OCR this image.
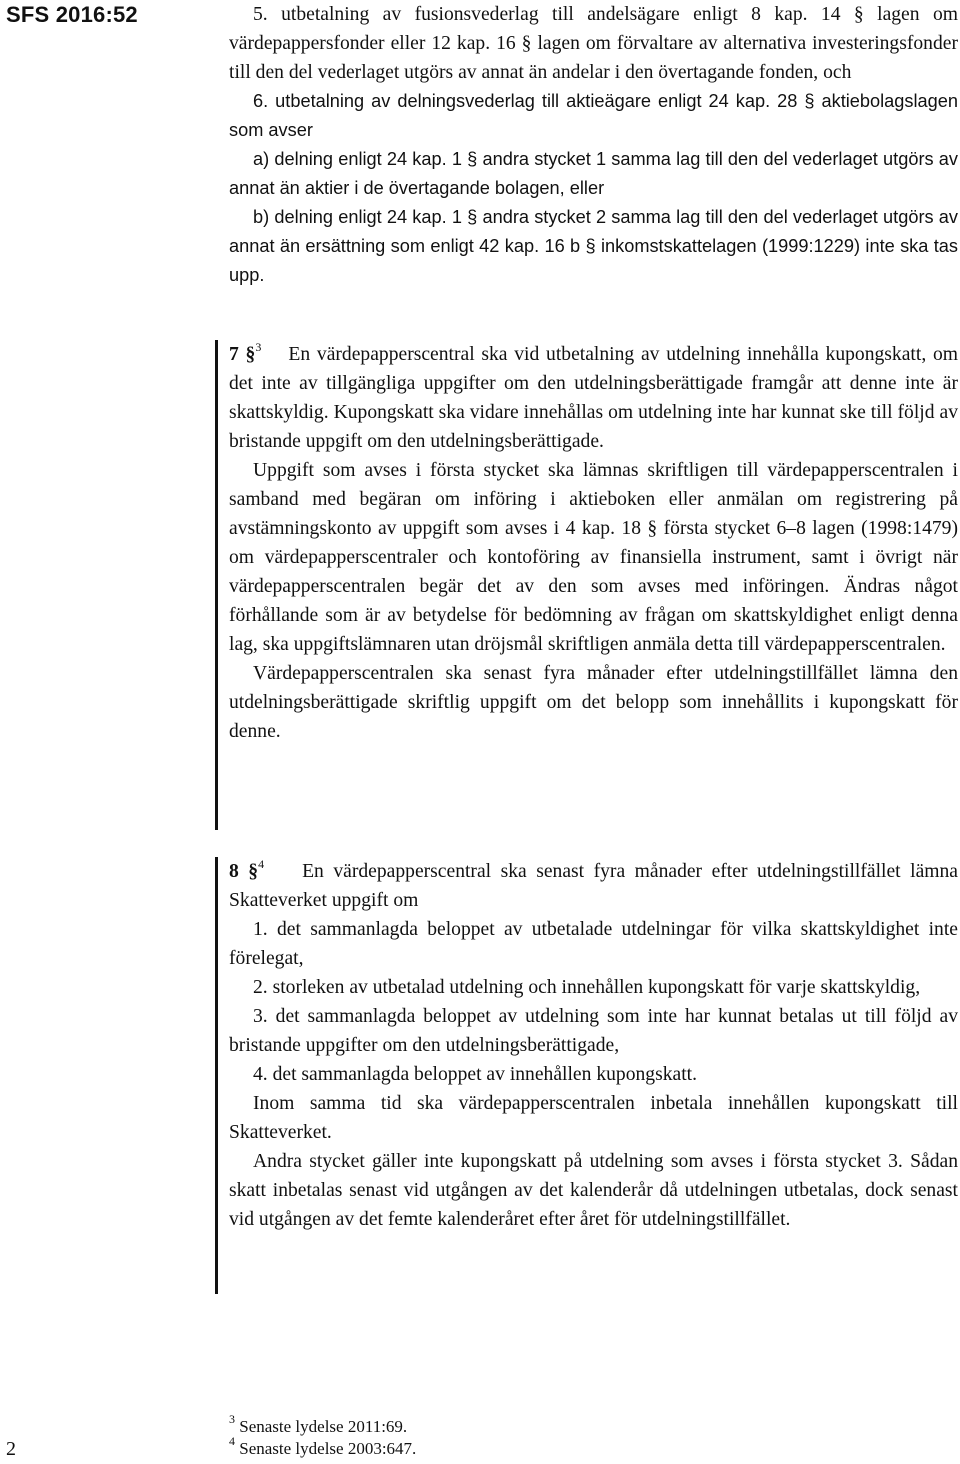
SFS 2016:52	5. utbetalning av fusionsvederlag till andelsägare enligt 8 kap. 14 § lagen om värdepappersfonder eller 12 kap. 16 § lagen om förvaltare av alternativa investeringsfonder till den del vederlaget utgörs av annat än andelar i den övertagande fonden, och

6. utbetalning av delningsvederlag till aktieägare enligt 24 kap. 28 § aktiebolagslagen som avser

a) delning enligt 24 kap. 1 § andra stycket 1 samma lag till den del vederlaget utgörs av annat än aktier i de övertagande bolagen, eller

b) delning enligt 24 kap. 1 § andra stycket 2 samma lag till den del vederlaget utgörs av annat än ersättning som enligt 42 kap. 16 b § inkomstskattelagen (1999:1229) inte ska tas upp.

7 §$^3$ En värdepapperscentral ska vid utbetalning av utdelning innehålla kupongskatt, om det inte av tillgängliga uppgifter om den utdelningsberättigade framgår att denne inte är skattskyldig. Kupongskatt ska vidare innehållas om utdelning inte har kunnat ske till följd av bristande uppgift om den utdelningsberättigade.

Uppgift som avses i första stycket ska lämnas skriftligen till värdepapperscentralen i samband med begäran om införing i aktieboken eller anmälan om registrering på avstämningskonto av uppgift som avses i 4 kap. 18 § första stycket 6–8 lagen (1998:1479) om värdepapperscentraler och kontoföring av finansiella instrument, samt i övrigt när värdepapperscentralen begär det av den som avses med införingen. Ändras något förhållande som är av betydelse för bedömning av frågan om skattskyldighet enligt denna lag, ska uppgiftslämnaren utan dröjsmål skriftligen anmäla detta till värdepapperscentralen.

Värdepapperscentralen ska senast fyra månader efter utdelningstillfället lämna den utdelningsberättigade skriftlig uppgift om det belopp som innehållits i kupongskatt för denne.

8 §$^4$ En värdepapperscentral ska senast fyra månader efter utdelningstillfället lämna Skatteverket uppgift om

1. det sammanlagda beloppet av utbetalade utdelningar för vilka skattskyldighet inte förelegat,

2. storleken av utbetalad utdelning och innehållen kupongskatt för varje skattskyldig,

3. det sammanlagda beloppet av utdelning som inte har kunnat betalas ut till följd av bristande uppgifter om den utdelningsberättigade,

4. det sammanlagda beloppet av innehållen kupongskatt.

Inom samma tid ska värdepapperscentralen inbetala innehållen kupongskatt till Skatteverket.

Andra stycket gäller inte kupongskatt på utdelning som avses i första stycket 3. Sådan skatt inbetalas senast vid utgången av det kalenderår då utdelningen utbetalas, dock senast vid utgången av det femte kalenderåret efter året för utdelningstillfället.

$^3$ Senaste lydelse 2011:69.
$^4$ Senaste lydelse 2003:647.
2
